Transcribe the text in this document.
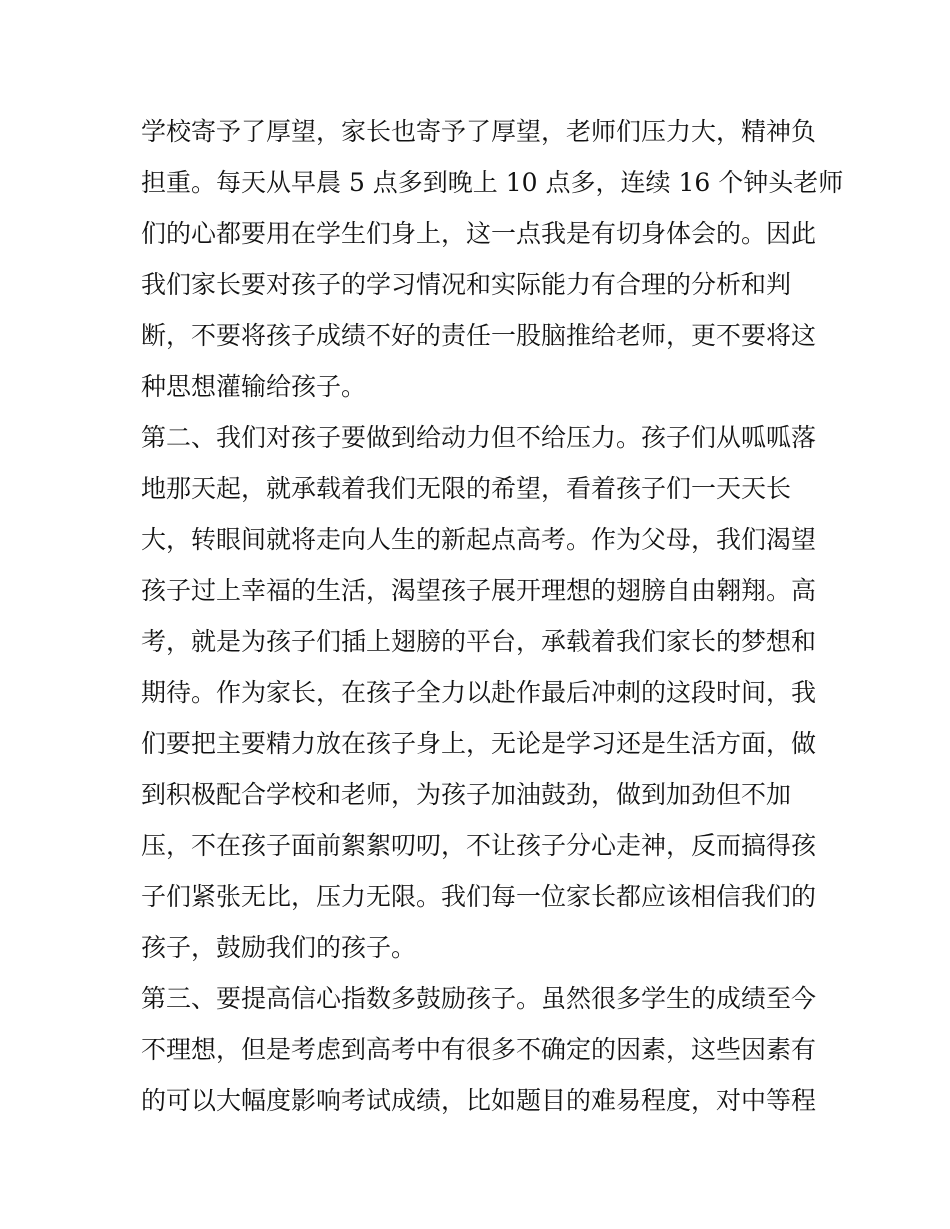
学校寄予了厚望，家长也寄予了厚望，老师们压力大，精神负
担重。每天从早晨 5 点多到晚上 10 点多，连续 16 个钟头老师
们的心都要用在学生们身上，这一点我是有切身体会的。因此
我们家长要对孩子的学习情况和实际能力有合理的分析和判
断，不要将孩子成绩不好的责任一股脑推给老师，更不要将这
种思想灌输给孩子。
第二、我们对孩子要做到给动力但不给压力。孩子们从呱呱落
地那天起，就承载着我们无限的希望，看着孩子们一天天长
大，转眼间就将走向人生的新起点高考。作为父母，我们渴望
孩子过上幸福的生活，渴望孩子展开理想的翅膀自由翱翔。高
考，就是为孩子们插上翅膀的平台，承载着我们家长的梦想和
期待。作为家长，在孩子全力以赴作最后冲刺的这段时间，我
们要把主要精力放在孩子身上，无论是学习还是生活方面，做
到积极配合学校和老师，为孩子加油鼓劲，做到加劲但不加
压，不在孩子面前絮絮叨叨，不让孩子分心走神，反而搞得孩
子们紧张无比，压力无限。我们每一位家长都应该相信我们的
孩子，鼓励我们的孩子。
第三、要提高信心指数多鼓励孩子。虽然很多学生的成绩至今
不理想，但是考虑到高考中有很多不确定的因素，这些因素有
的可以大幅度影响考试成绩，比如题目的难易程度，对中等程
